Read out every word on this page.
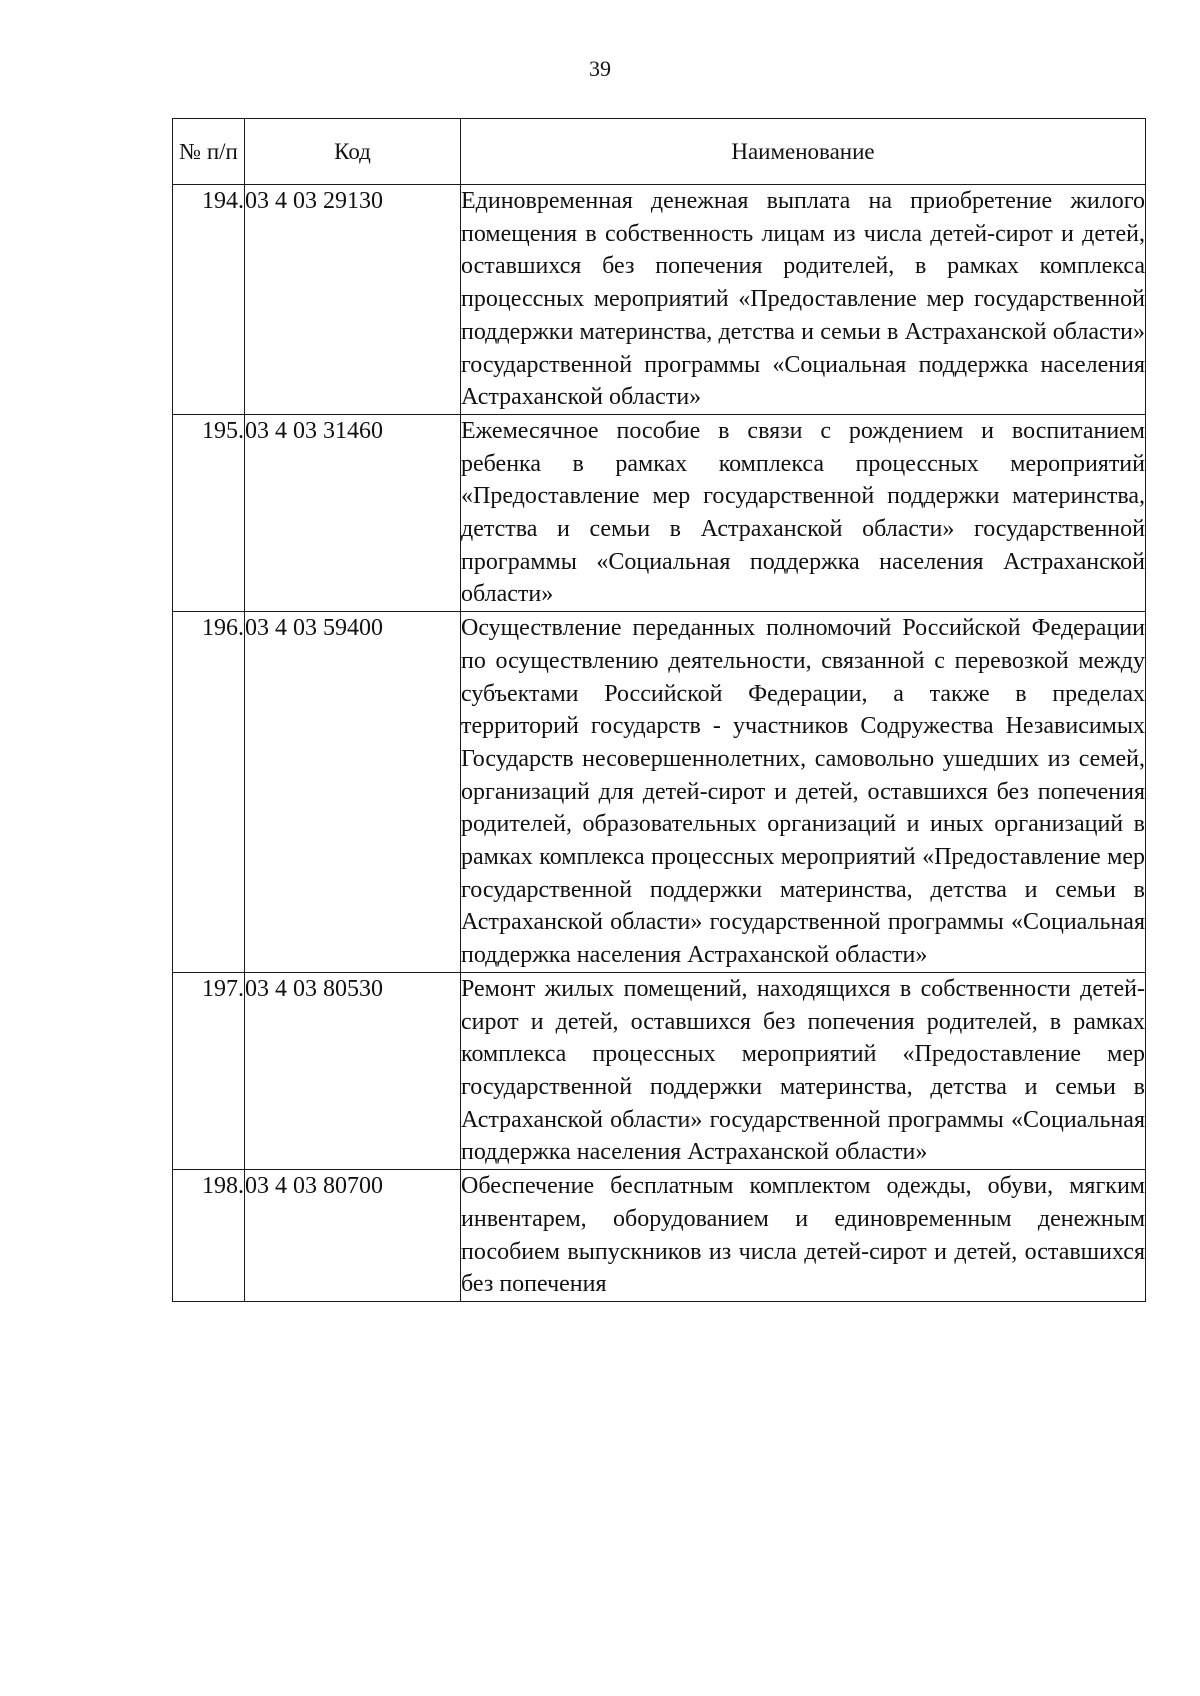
39
№ п/п	Код	Наименование
194.	03 4 03 29130	Единовременная денежная выплата на приобретение жилого помещения в собственность лицам из числа детей-сирот и детей, оставшихся без попечения родителей, в рамках комплекса процессных мероприятий «Предоставление мер государственной поддержки материнства, детства и семьи в Астраханской области» государственной программы «Социальная поддержка населения Астраханской области»
195.	03 4 03 31460	Ежемесячное пособие в связи с рождением и воспитанием ребенка в рамках комплекса процессных мероприятий «Предоставление мер государственной поддержки материнства, детства и семьи в Астраханской области» государственной программы «Социальная поддержка населения Астраханской области»
196.	03 4 03 59400	Осуществление переданных полномочий Российской Федерации по осуществлению деятельности, связанной с перевозкой между субъектами Российской Федерации, а также в пределах территорий государств - участников Содружества Независимых Государств несовершеннолетних, самовольно ушедших из семей, организаций для детей-сирот и детей, оставшихся без попечения родителей, образовательных организаций и иных организаций в рамках комплекса процессных мероприятий «Предоставление мер государственной поддержки материнства, детства и семьи в Астраханской области» государственной программы «Социальная поддержка населения Астраханской области»
197.	03 4 03 80530	Ремонт жилых помещений, находящихся в собственности детей-сирот и детей, оставшихся без попечения родителей, в рамках комплекса процессных мероприятий «Предоставление мер государственной поддержки материнства, детства и семьи в Астраханской области» государственной программы «Социальная поддержка населения Астраханской области»
198.	03 4 03 80700	Обеспечение бесплатным комплектом одежды, обуви, мягким инвентарем, оборудованием и единовременным денежным пособием выпускников из числа детей-сирот и детей, оставшихся без попечения
